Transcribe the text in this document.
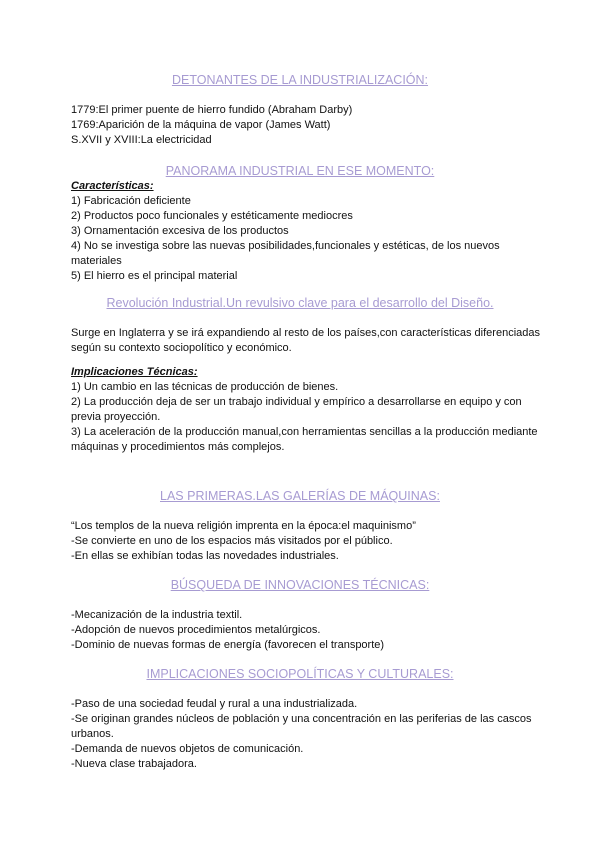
DETONANTES DE LA INDUSTRIALIZACIÓN:

1779:El primer puente de hierro fundido (Abraham Darby)

1769:Aparición de la máquina de vapor (James Watt)

S.XVII y XVIII:La electricidad

PANORAMA INDUSTRIAL EN ESE MOMENTO:

Características:

1) Fabricación deficiente

2) Productos poco funcionales y estéticamente mediocres

3) Ornamentación excesiva de los productos

4) No se investiga sobre las nuevas posibilidades,funcionales y estéticas, de los nuevos materiales

5) El hierro es el principal material

Revolución Industrial.Un revulsivo clave para el desarrollo del Diseño.

Surge en Inglaterra y se irá expandiendo al resto de los países,con características diferenciadas según su contexto sociopolítico y económico.

Implicaciones Técnicas:

1) Un cambio en las técnicas de producción de bienes.

2) La producción deja de ser un trabajo individual y empírico a desarrollarse en equipo y con previa proyección.

3) La aceleración de la producción manual,con herramientas sencillas a la producción mediante máquinas y procedimientos más complejos.

LAS PRIMERAS.LAS GALERÍAS DE MÁQUINAS:

“Los templos de la nueva religión imprenta en la época:el maquinismo”

-Se convierte en uno de los espacios más visitados por el público.

-En ellas se exhibían todas las novedades industriales.

BÚSQUEDA DE INNOVACIONES TÉCNICAS:

-Mecanización de la industria textil.

-Adopción de nuevos procedimientos metalúrgicos.

-Dominio de nuevas formas de energía (favorecen el transporte)

IMPLICACIONES SOCIOPOLÍTICAS Y CULTURALES:

-Paso de una sociedad feudal y rural a una industrializada.

-Se originan grandes núcleos de población y una concentración en las periferias de las cascos urbanos.

-Demanda de nuevos objetos de comunicación.

-Nueva clase trabajadora.
